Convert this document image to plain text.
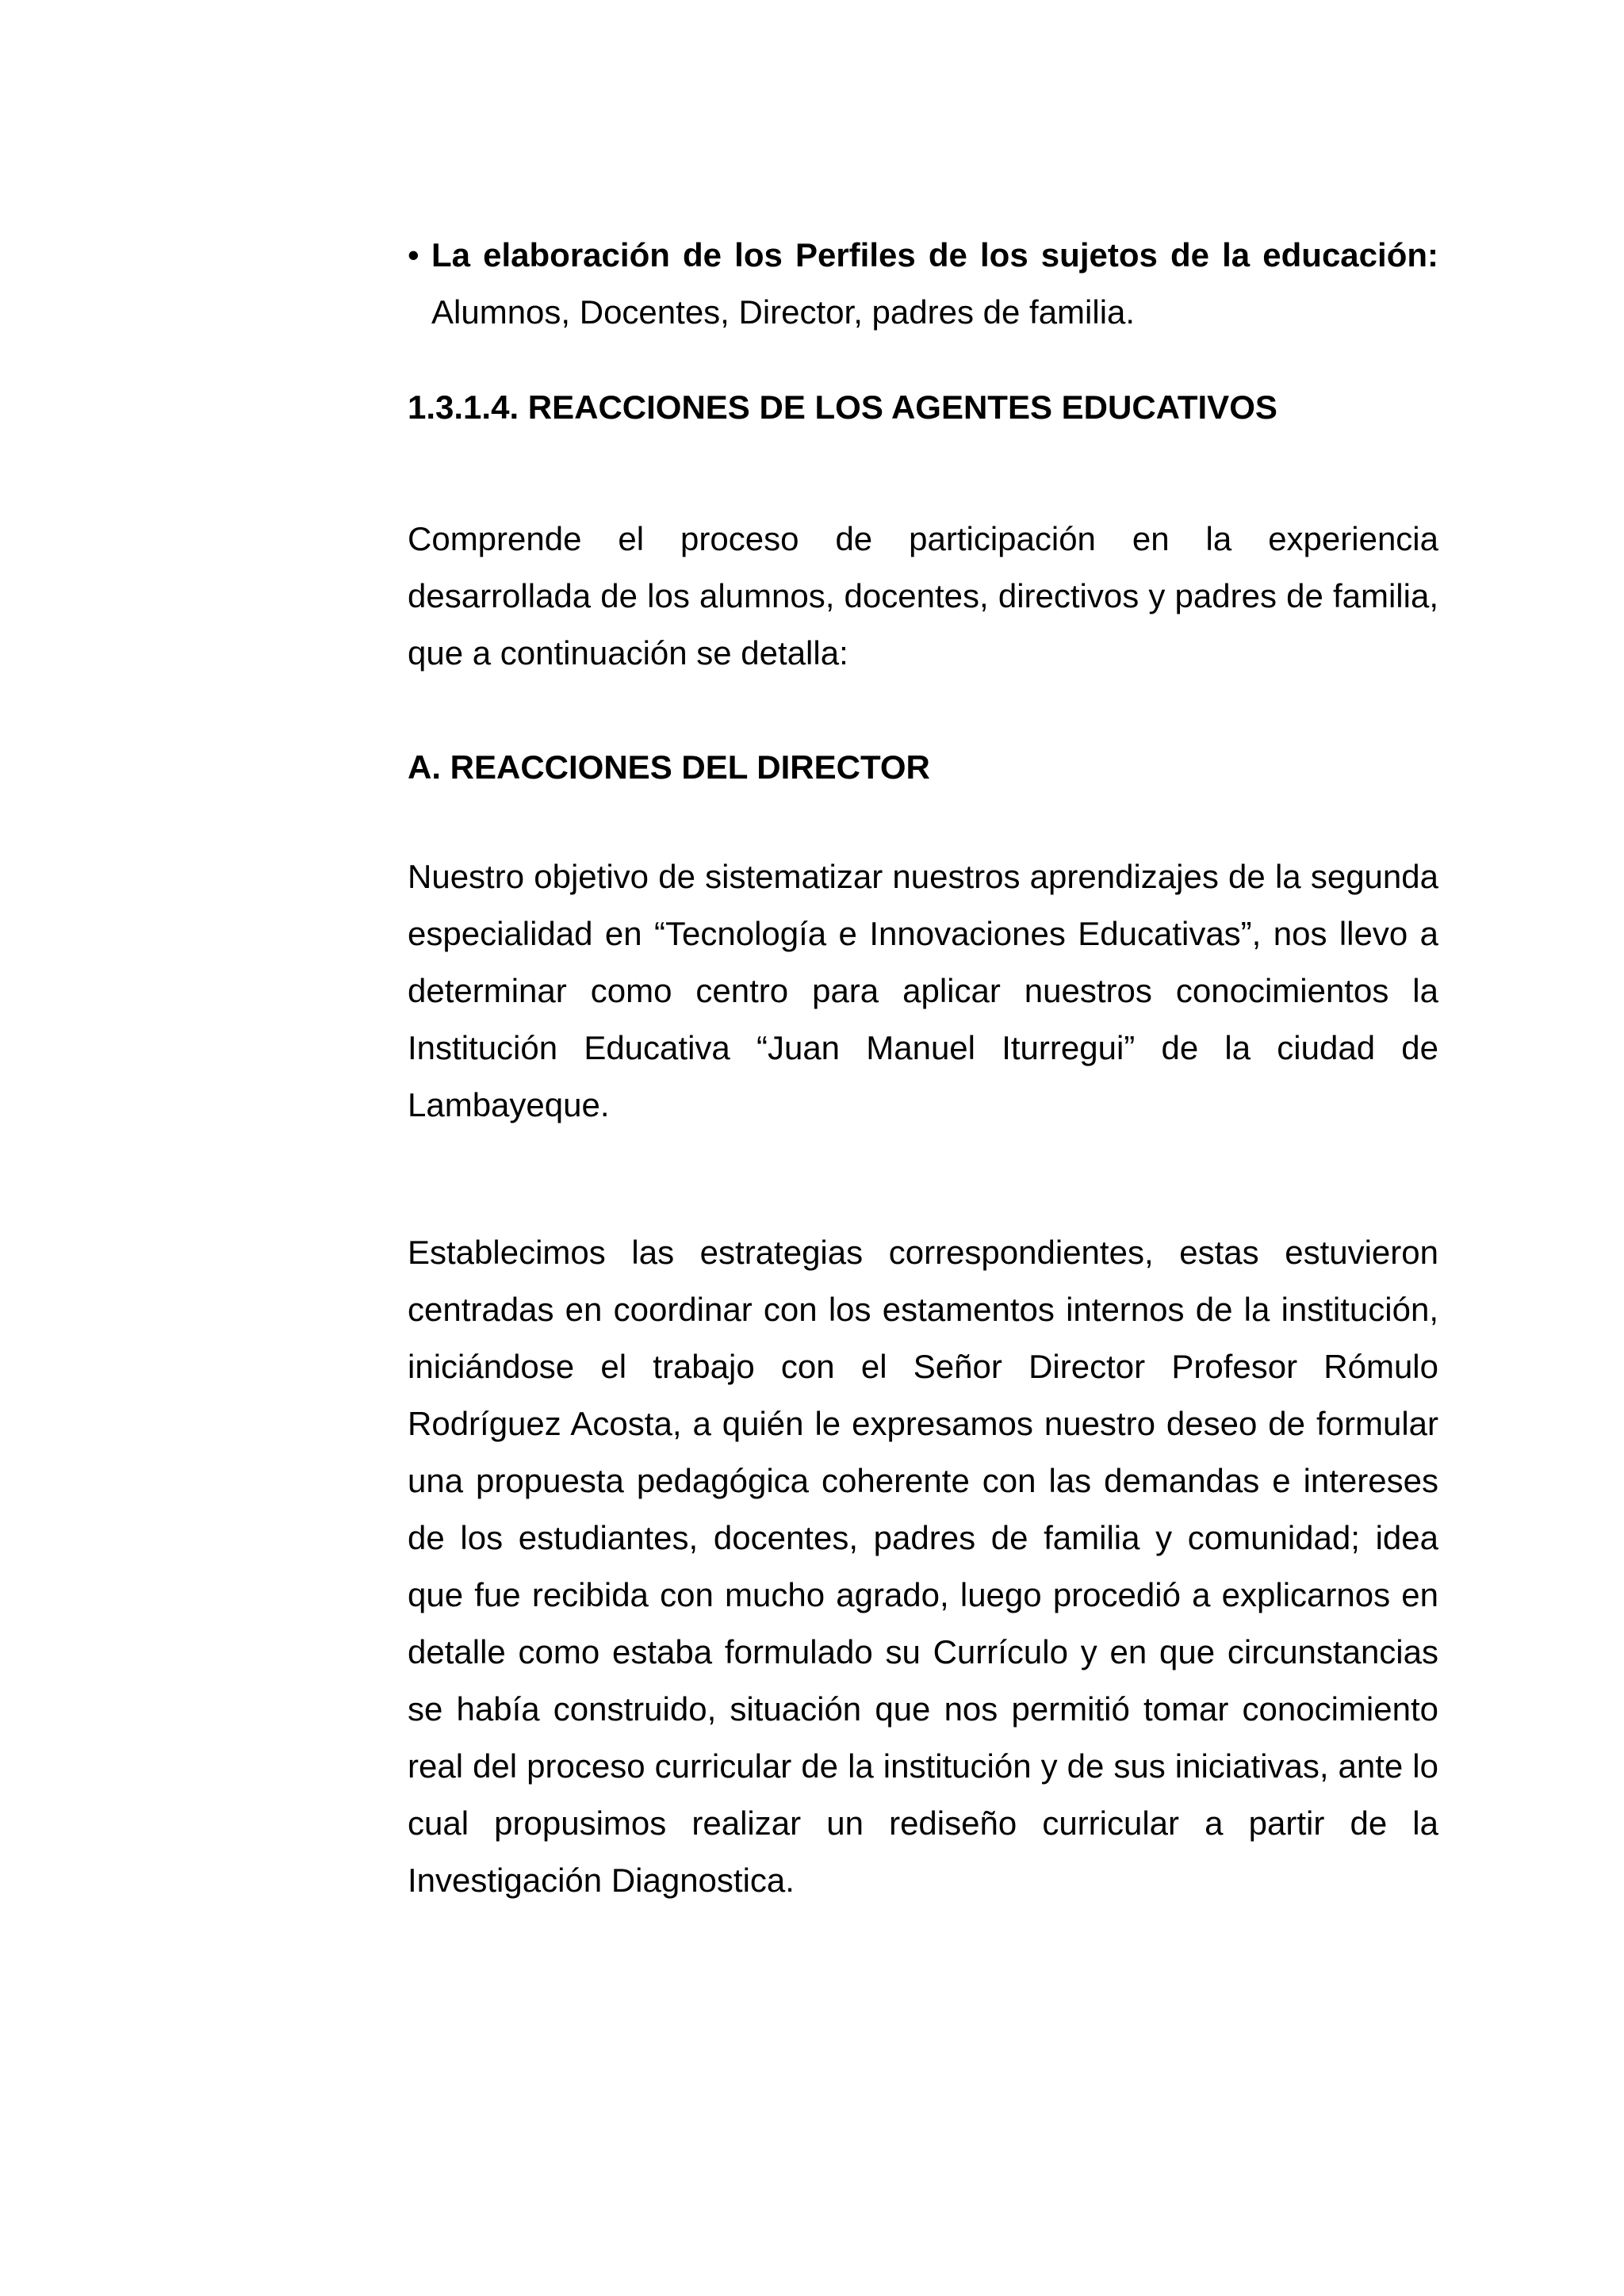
• La elaboración de los Perfiles de los sujetos de la educación:
Alumnos, Docentes, Director, padres de familia.
1.3.1.4. REACCIONES DE LOS AGENTES EDUCATIVOS

Comprende el proceso de participación en la experiencia desarrollada de los alumnos, docentes, directivos y padres de familia, que a continuación se detalla:

A. REACCIONES DEL DIRECTOR

Nuestro objetivo de sistematizar nuestros aprendizajes de la segunda especialidad en “Tecnología e Innovaciones Educativas”, nos llevo a determinar como centro para aplicar nuestros conocimientos la Institución Educativa “Juan Manuel Iturregui” de la ciudad de Lambayeque.

Establecimos las estrategias correspondientes, estas estuvieron centradas en coordinar con los estamentos internos de la institución, iniciándose el trabajo con el Señor Director Profesor Rómulo Rodríguez Acosta, a quién le expresamos nuestro deseo de formular una propuesta pedagógica coherente con las demandas e intereses de los estudiantes, docentes, padres de familia y comunidad; idea que fue recibida con mucho agrado, luego procedió a explicarnos en detalle como estaba formulado su Currículo y en que circunstancias se había construido, situación que nos permitió tomar conocimiento real del proceso curricular de la institución y de sus iniciativas, ante lo cual propusimos realizar un rediseño curricular a partir de la Investigación Diagnostica.
